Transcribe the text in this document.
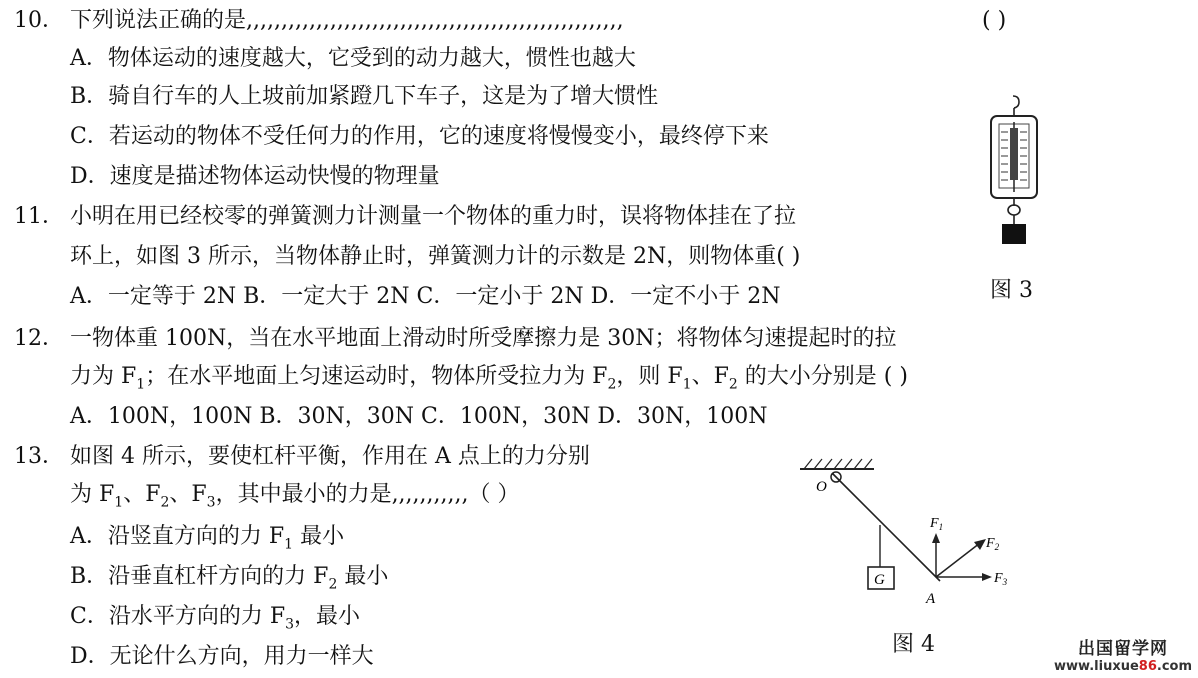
10． 下列说法正确的是,,,,,,,,,,,,,,,,,,,,,,,,,,,,,,,,,,,,,,,,,,,,,,,,,,,,,,	( )
A．物体运动的速度越大，它受到的动力越大，惯性也越大
B．骑自行车的人上坡前加紧蹬几下车子，这是为了增大惯性
C．若运动的物体不受任何力的作用，它的速度将慢慢变小，最终停下来
D．速度是描述物体运动快慢的物理量
11． 小明在用已经校零的弹簧测力计测量一个物体的重力时，误将物体挂在了拉
环上，如图 3 所示，当物体静止时，弹簧测力计的示数是 2N，则物体重( )
A．一定等于 2N B．一定大于 2N C．一定小于 2N D．一定不小于 2N	图 3
12． 一物体重 100N，当在水平地面上滑动时所受摩擦力是 30N；将物体匀速提起时的拉
力为 $F_1$；在水平地面上匀速运动时，物体所受拉力为 $F_2$，则 $F_1$、$F_2$ 的大小分别是 ( )
A．100N，100N B．30N，30N C．100N，30N D．30N，100N
13． 如图 4 所示，要使杠杆平衡，作用在 A 点上的力分别
为 $F_1$、$F_2$、$F_3$，其中最小的力是,,,,,,,,,,,（ ）
A．沿竖直方向的力 $F_1$ 最小
B．沿垂直杠杆方向的力 $F_2$ 最小
C．沿水平方向的力 $F_3$，最小
D．无论什么方向，用力一样大
G
O
A
$F_1$
$F_2$
$F_3$
图 4	出国留学网
www.liuxue86.com
